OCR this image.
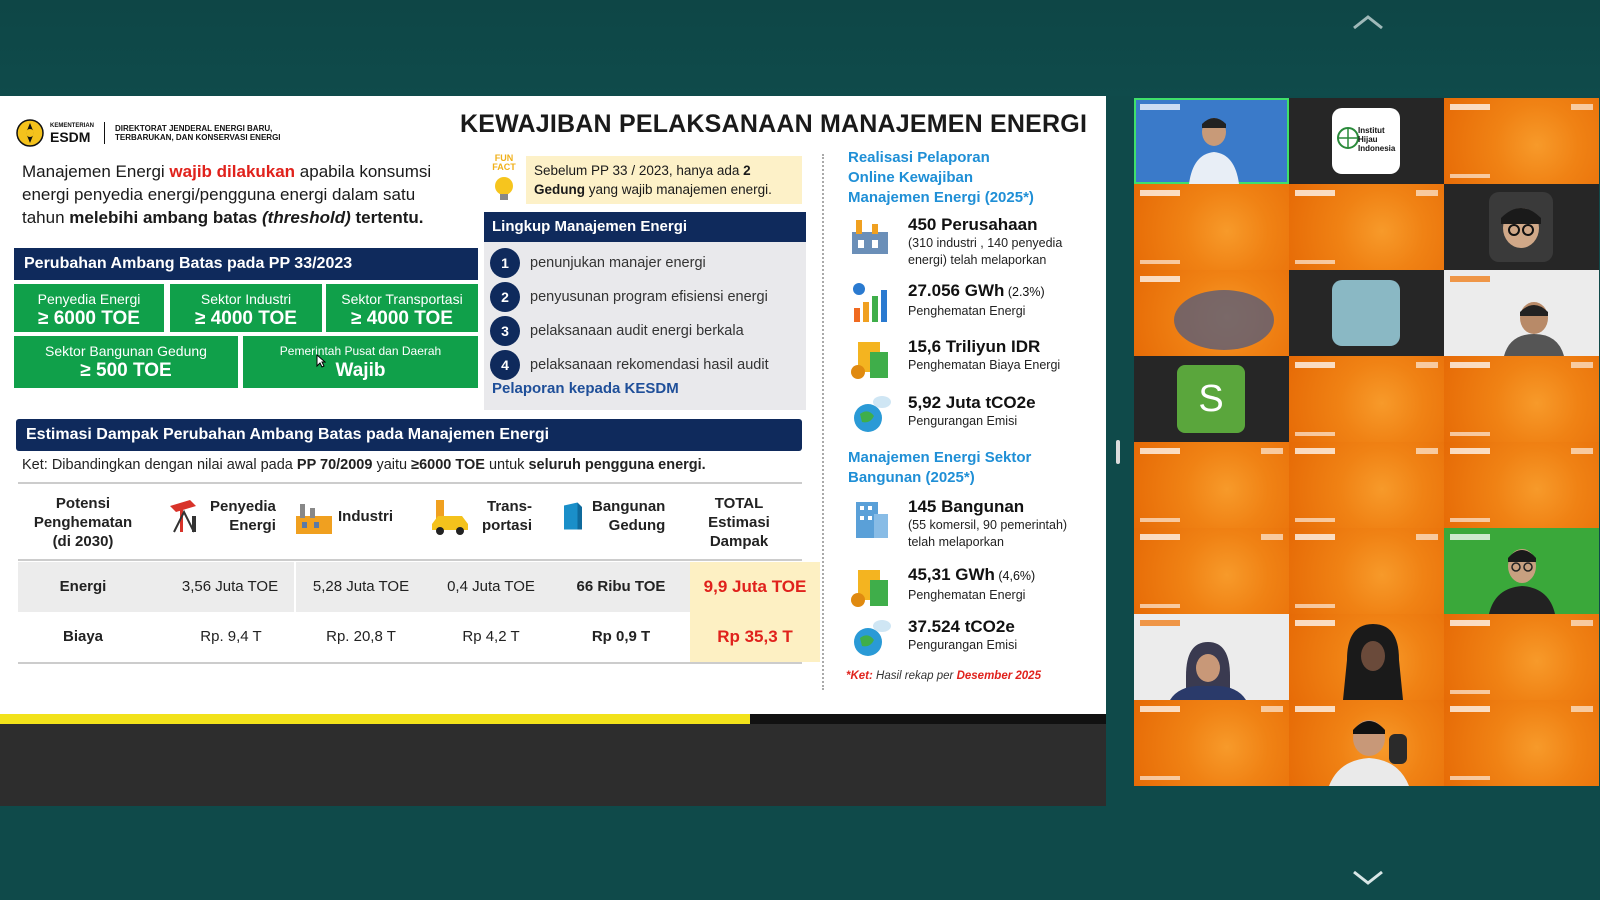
KEMENTERIAN
ESDM	DIREKTORAT JENDERAL ENERGI BARU, TERBARUKAN, DAN KONSERVASI ENERGI	KEWAJIBAN PELAKSANAAN MANAJEMEN ENERGI
Manajemen Energi wajib dilakukan apabila konsumsi energi penyedia energi/pengguna energi dalam satu tahun melebihi ambang batas (threshold) tertentu.
Perubahan Ambang Batas pada PP 33/2023
Penyedia Energi
≥ 6000 TOE
Sektor Industri
≥ 4000 TOE
Sektor Transportasi
≥ 4000 TOE
Sektor Bangunan Gedung
≥ 500 TOE
Pemerintah Pusat dan Daerah
Wajib
FUN
FACT	Sebelum PP 33 / 2023, hanya ada 2 Gedung yang wajib manajemen energi.
Lingkup Manajemen Energi
1	penunjukan manajer energi
2	penyusunan program efisiensi energi
3	pelaksanaan audit energi berkala
4	pelaksanaan rekomendasi hasil audit
Pelaporan kepada KESDM
Realisasi Pelaporan
Online Kewajiban
Manajemen Energi (2025*)
450 Perusahaan
(310 industri , 140 penyedia
energi) telah melaporkan
27.056 GWh (2.3%)
Penghematan Energi
15,6 Triliyun IDR
Penghematan Biaya Energi
5,92 Juta tCO2e
Pengurangan Emisi
Manajemen Energi Sektor
Bangunan (2025*)
145 Bangunan
(55 komersil, 90 pemerintah)
telah melaporkan
45,31 GWh (4,6%)
Penghematan Energi
37.524 tCO2e
Pengurangan Emisi
*Ket: Hasil rekap per Desember 2025
Estimasi Dampak Perubahan Ambang Batas pada Manajemen Energi
Ket: Dibandingkan dengan nilai awal pada PP 70/2009 yaitu ≥6000 TOE untuk seluruh pengguna energi.
Potensi
Penghematan
(di 2030)
Penyedia
Energi
Industri
Trans-
portasi
Bangunan
Gedung
TOTAL
Estimasi
Dampak
Energi	3,56 Juta TOE	5,28 Juta TOE	0,4 Juta TOE	66 Ribu TOE	9,9 Juta TOE
Biaya	Rp. 9,4 T	Rp. 20,8 T	Rp 4,2 T	Rp 0,9 T	Rp 35,3 T
Institut
Hijau
Indonesia
S
